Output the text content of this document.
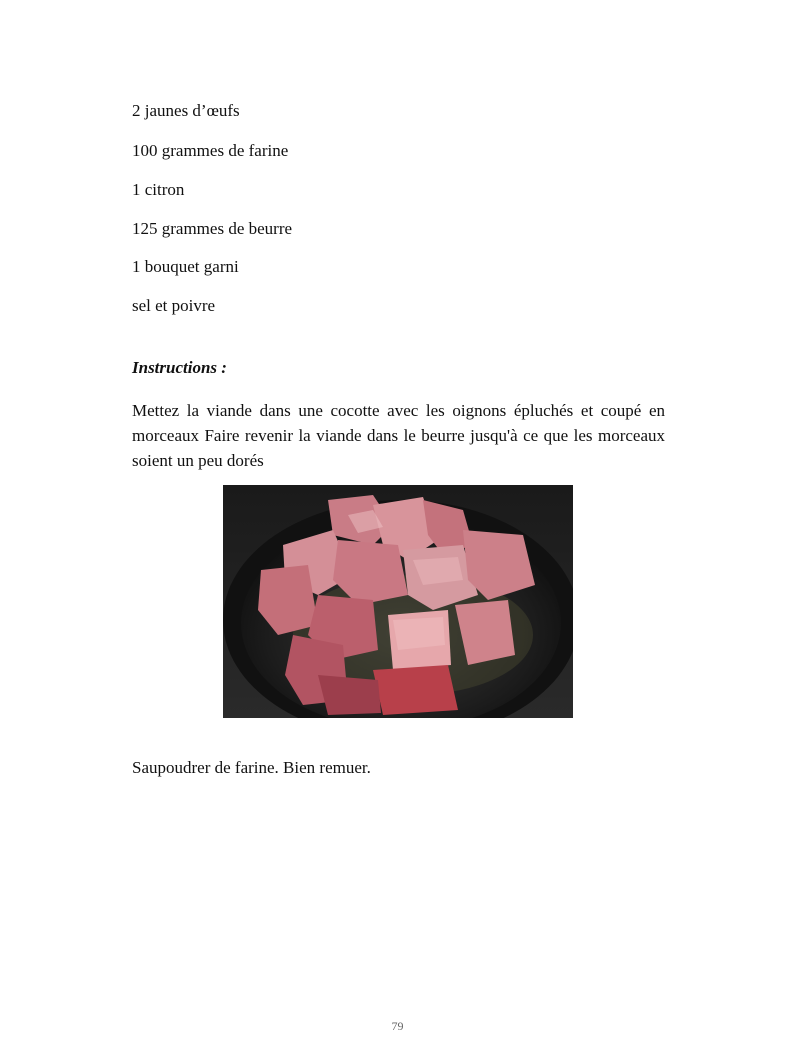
2 jaunes d’œufs

100 grammes de farine

1 citron

125 grammes de beurre

1 bouquet garni

sel et poivre

Instructions :

Mettez la viande dans une cocotte avec les oignons épluchés et coupé en morceaux Faire revenir la viande dans le beurre jusqu'à ce que les morceaux soient un peu dorés

Saupoudrer de farine. Bien remuer.

79
